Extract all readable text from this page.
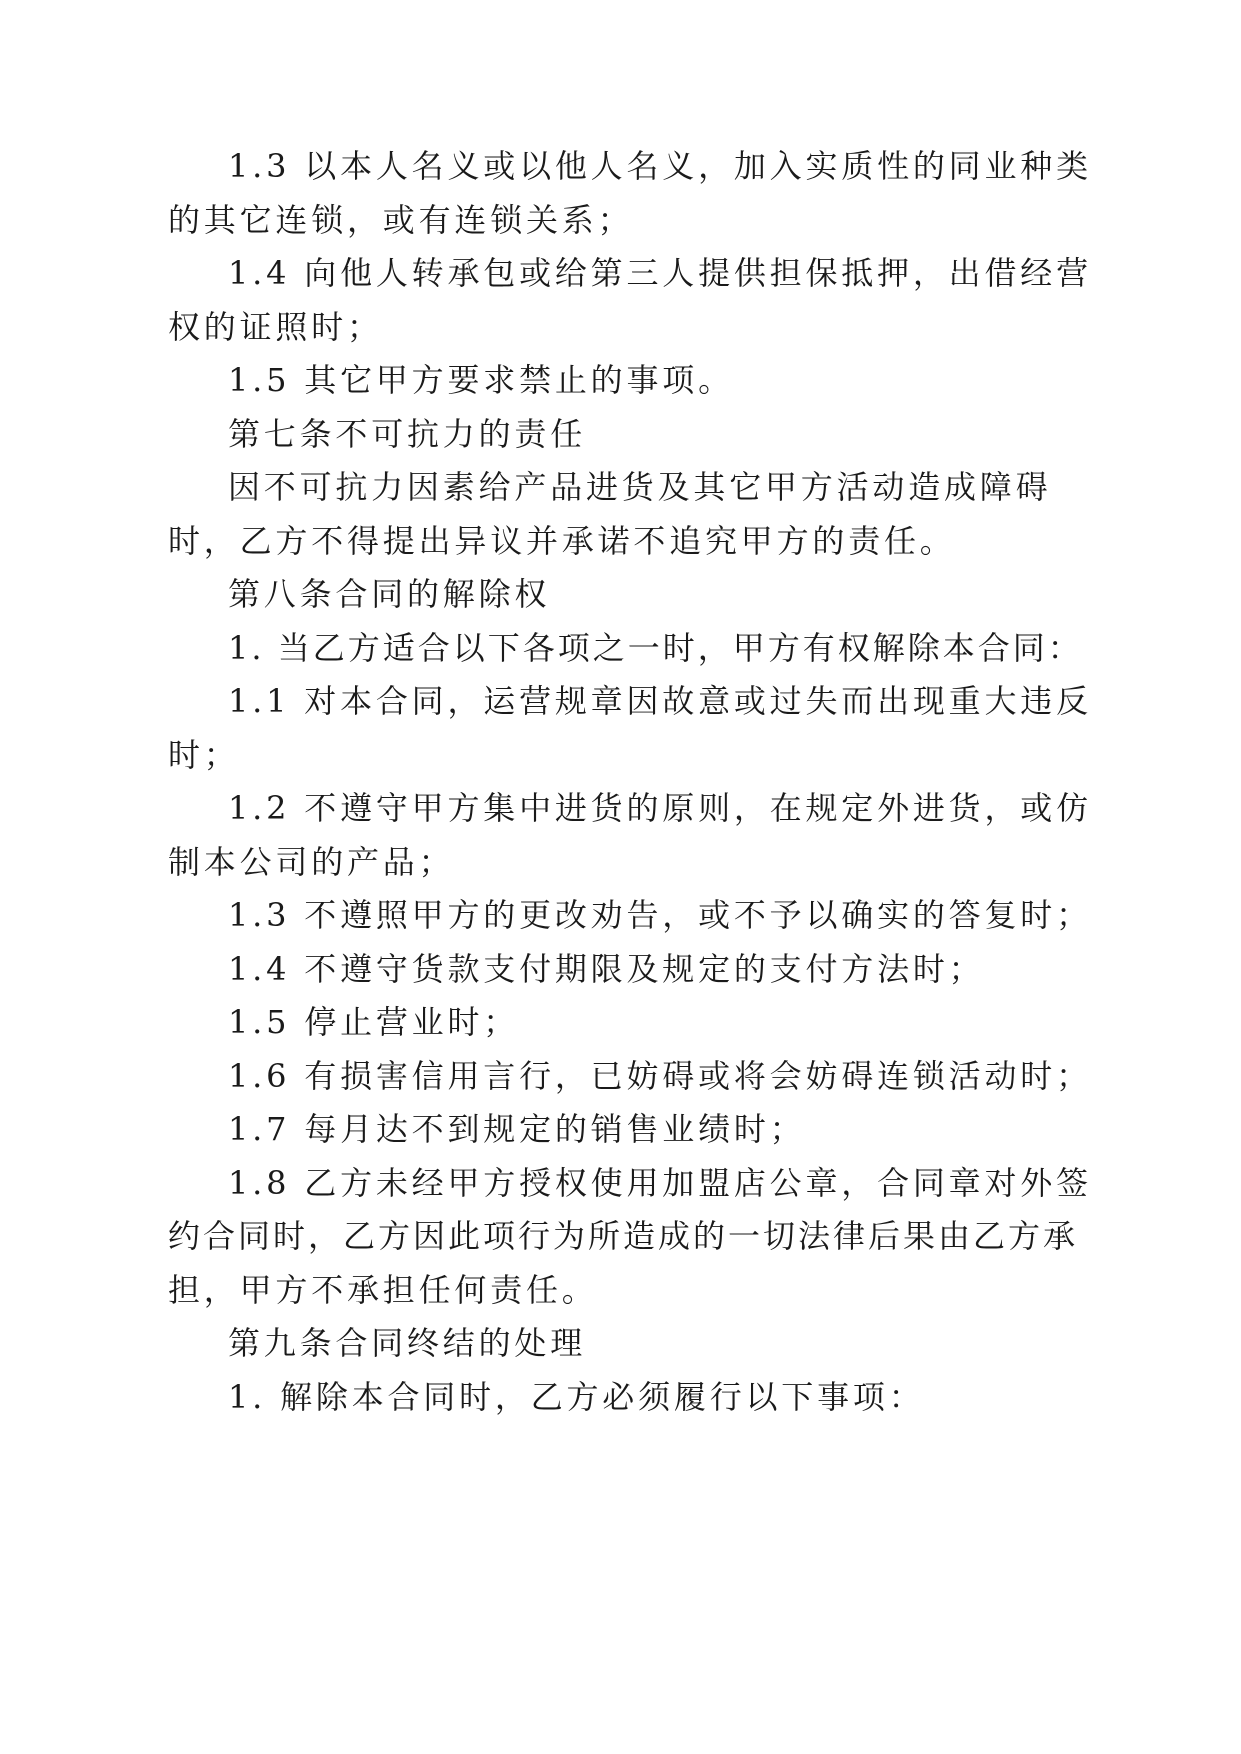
1.3 以本人名义或以他人名义，加入实质性的同业种类

的其它连锁，或有连锁关系；

1.4 向他人转承包或给第三人提供担保抵押，出借经营

权的证照时；

1.5 其它甲方要求禁止的事项。

第七条不可抗力的责任

因不可抗力因素给产品进货及其它甲方活动造成障碍

时，乙方不得提出异议并承诺不追究甲方的责任。

第八条合同的解除权

1. 当乙方适合以下各项之一时，甲方有权解除本合同：

1.1 对本合同，运营规章因故意或过失而出现重大违反

时；

1.2 不遵守甲方集中进货的原则，在规定外进货，或仿

制本公司的产品；

1.3 不遵照甲方的更改劝告，或不予以确实的答复时；

1.4 不遵守货款支付期限及规定的支付方法时；

1.5 停止营业时；

1.6 有损害信用言行，已妨碍或将会妨碍连锁活动时；

1.7 每月达不到规定的销售业绩时；

1.8 乙方未经甲方授权使用加盟店公章，合同章对外签

约合同时，乙方因此项行为所造成的一切法律后果由乙方承

担，甲方不承担任何责任。

第九条合同终结的处理

1. 解除本合同时，乙方必须履行以下事项：
